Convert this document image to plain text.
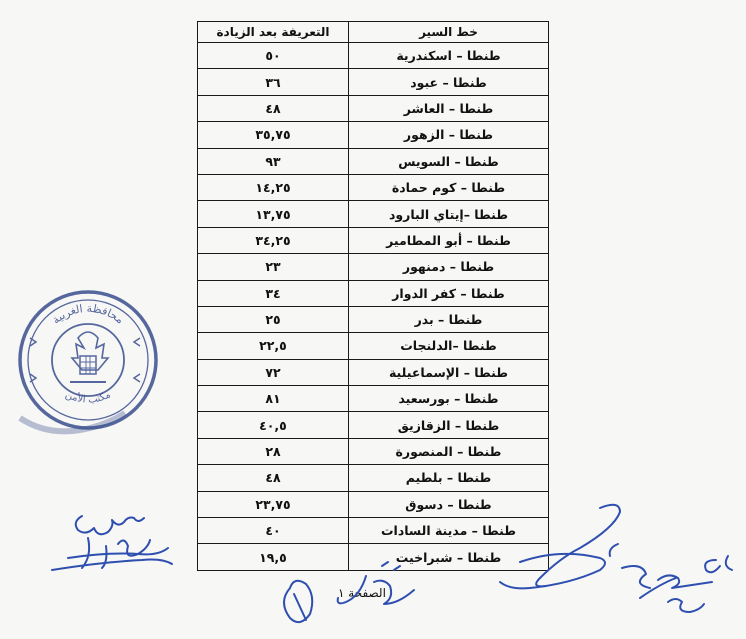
خط السير	التعريفة بعد الزيادة
طنطا – اسكندرية	٥٠
طنطا – عبود	٣٦
طنطا – العاشر	٤٨
طنطا – الزهور	٣٥,٧٥
طنطا – السويس	٩٣
طنطا – كوم حمادة	١٤,٢٥
طنطا –إيتاي البارود	١٣,٧٥
طنطا – أبو المطامير	٣٤,٢٥
طنطا – دمنهور	٢٣
طنطا – كفر الدوار	٣٤
طنطا – بدر	٢٥
طنطا –الدلنجات	٢٢,٥
طنطا – الإسماعيلية	٧٢
طنطا – بورسعيد	٨١
طنطا – الزقازيق	٤٠,٥
طنطا – المنصورة	٢٨
طنطا – بلطيم	٤٨
طنطا – دسوق	٢٣,٧٥
طنطا – مدينة السادات	٤٠
طنطا – شبراخيت	١٩,٥
الصفحة ١
محافظة الغربية
مكتب الأمن
